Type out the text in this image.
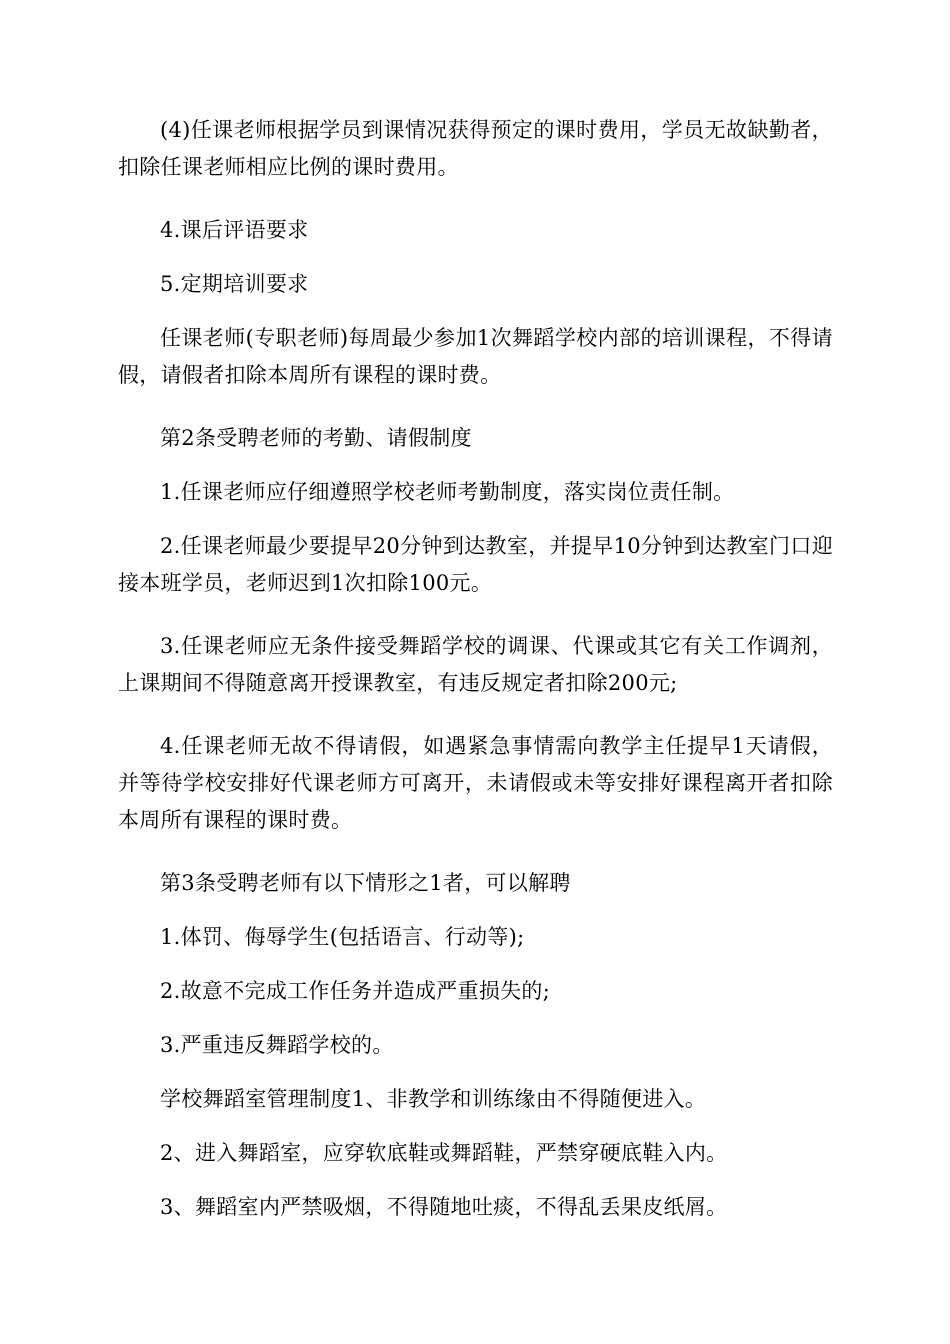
(4)任课老师根据学员到课情况获得预定的课时费用，学员无故缺勤者，扣除任课老师相应比例的课时费用。

4.课后评语要求

5.定期培训要求

任课老师(专职老师)每周最少参加1次舞蹈学校内部的培训课程，不得请假，请假者扣除本周所有课程的课时费。

第2条受聘老师的考勤、请假制度

1.任课老师应仔细遵照学校老师考勤制度，落实岗位责任制。

2.任课老师最少要提早20分钟到达教室，并提早10分钟到达教室门口迎接本班学员，老师迟到1次扣除100元。

3.任课老师应无条件接受舞蹈学校的调课、代课或其它有关工作调剂，上课期间不得随意离开授课教室，有违反规定者扣除200元;

4.任课老师无故不得请假，如遇紧急事情需向教学主任提早1天请假，并等待学校安排好代课老师方可离开，未请假或未等安排好课程离开者扣除本周所有课程的课时费。

第3条受聘老师有以下情形之1者，可以解聘

1.体罚、侮辱学生(包括语言、行动等);

2.故意不完成工作任务并造成严重损失的;

3.严重违反舞蹈学校的。

学校舞蹈室管理制度1、非教学和训练缘由不得随便进入。

2、进入舞蹈室，应穿软底鞋或舞蹈鞋，严禁穿硬底鞋入内。

3、舞蹈室内严禁吸烟，不得随地吐痰，不得乱丢果皮纸屑。
